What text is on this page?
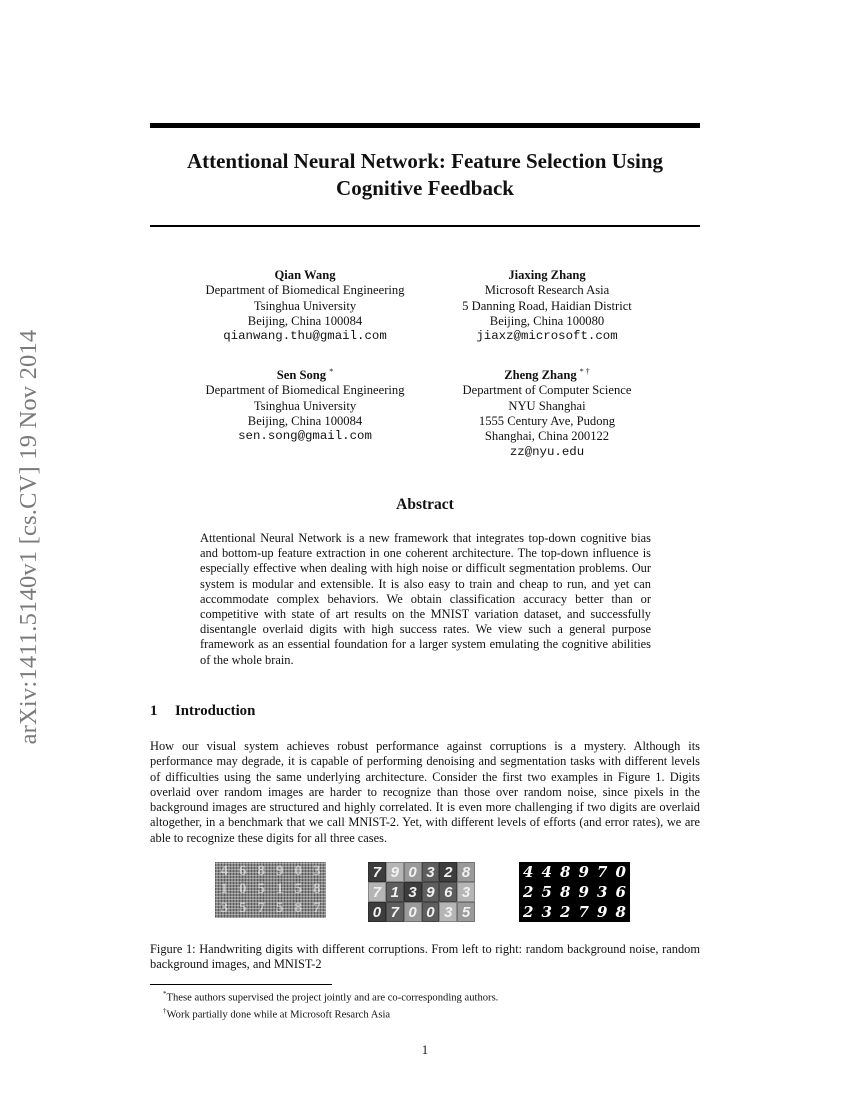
arXiv:1411.5140v1 [cs.CV] 19 Nov 2014
Attentional Neural Network: Feature Selection Using
Cognitive Feedback
Qian Wang
Department of Biomedical Engineering
Tsinghua University
Beijing, China 100084
qianwang.thu@gmail.com
Jiaxing Zhang
Microsoft Research Asia
5 Danning Road, Haidian District
Beijing, China 100080
jiaxz@microsoft.com
Sen Song *
Department of Biomedical Engineering
Tsinghua University
Beijing, China 100084
sen.song@gmail.com
Zheng Zhang * †
Department of Computer Science
NYU Shanghai
1555 Century Ave, Pudong
Shanghai, China 200122
zz@nyu.edu
Abstract
Attentional Neural Network is a new framework that integrates top-down cognitive bias and bottom-up feature extraction in one coherent architecture. The top-down influence is especially effective when dealing with high noise or difficult segmentation problems. Our system is modular and extensible. It is also easy to train and cheap to run, and yet can accommodate complex behaviors. We obtain classification accuracy better than or competitive with state of art results on the MNIST variation dataset, and successfully disentangle overlaid digits with high success rates. We view such a general purpose framework as an essential foundation for a larger system emulating the cognitive abilities of the whole brain.
1 Introduction
How our visual system achieves robust performance against corruptions is a mystery. Although its performance may degrade, it is capable of performing denoising and segmentation tasks with different levels of difficulties using the same underlying architecture. Consider the first two examples in Figure 1. Digits overlaid over random images are harder to recognize than those over random noise, since pixels in the background images are structured and highly correlated. It is even more challenging if two digits are overlaid altogether, in a benchmark that we call MNIST-2. Yet, with different levels of efforts (and error rates), we are able to recognize these digits for all three cases.
4 6 8 9 0 3
1 0 5 1 5 8
3 5 7 5 8 7
7 9 0 3 2 8
7 1 3 9 6 3
0 7 0 0 3 5
4 4 8 9 7 0
2 5 8 9 3 6
2 3 2 7 9 8
Figure 1: Handwriting digits with different corruptions. From left to right: random background noise, random background images, and MNIST-2
*These authors supervised the project jointly and are co-corresponding authors.
†Work partially done while at Microsoft Resarch Asia
1
